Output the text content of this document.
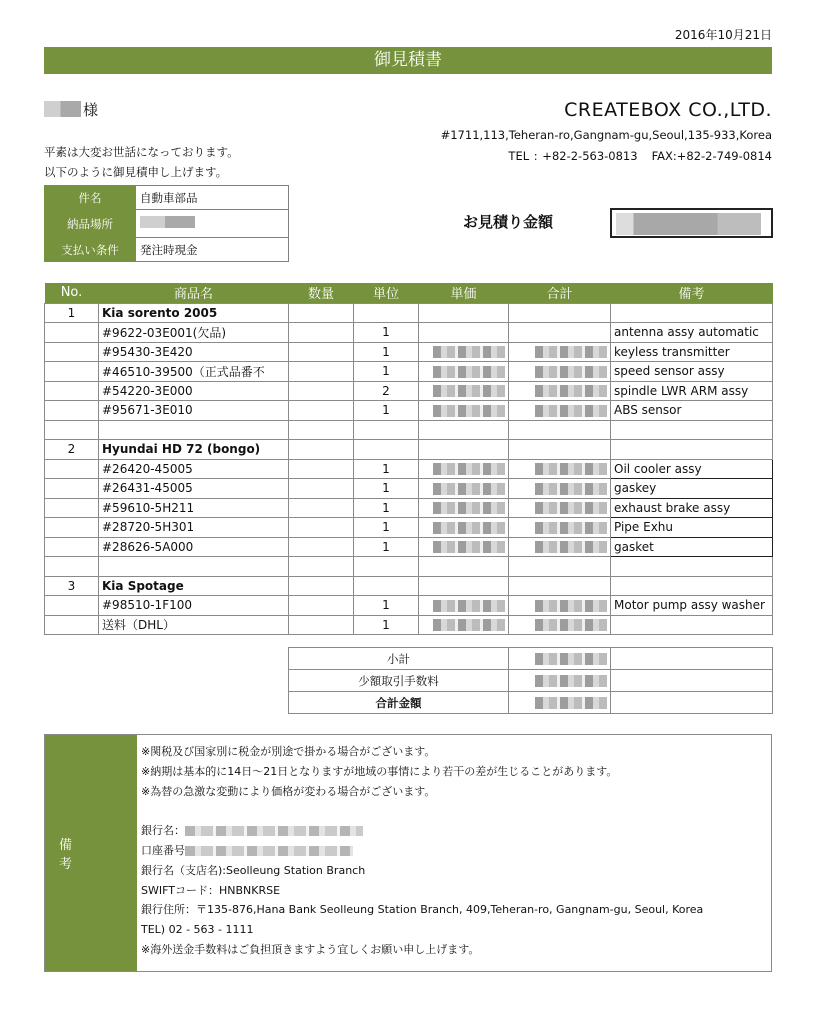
2016年10月21日
御見積書
様
平素は大変お世話になっております。
以下のように御見積申し上げます。
CREATEBOX CO.,LTD.
#1711,113,Teheran-ro,Gangnam-gu,Seoul,135-933,Korea
TEL : +82-2-563-0813 FAX:+82-2-749-0814
件名	自動車部品
納品場所	
支払い条件	発注時現金
お見積り金額
No.	商品名	数量	単位	単価	合計	備考
1	Kia sorento 2005					
	#9622-03E001(欠品)		1			antenna assy automatic
	#95430-3E420		1			keyless transmitter
	#46510-39500（正式品番不		1			speed sensor assy
	#54220-3E000		2			spindle LWR ARM assy
	#95671-3E010		1			ABS sensor

2	Hyundai HD 72 (bongo)					
	#26420-45005		1			Oil cooler assy
	#26431-45005		1			gaskey
	#59610-5H211		1			exhaust brake assy
	#28720-5H301		1			Pipe Exhu
	#28626-5A000		1			gasket

3	Kia Spotage					
	#98510-1F100		1			Motor pump assy washer
	送料（DHL）		1			
小計		
少額取引手数料		
合計金額		
備　考
※関税及び国家別に税金が別途で掛かる場合がございます。
※納期は基本的に14日～21日となりますが地域の事情により若干の差が生じることがあります。
※為替の急激な変動により価格が変わる場合がございます。
銀行名：
口座番号
銀行名（支店名):Seolleung Station Branch
SWIFTコード：HNBNKRSE
銀行住所：〒135-876,Hana Bank Seolleung Station Branch, 409,Teheran-ro, Gangnam-gu, Seoul, Korea
TEL) 02 - 563 - 1111
※海外送金手数料はご負担頂きますよう宜しくお願い申し上げます。
